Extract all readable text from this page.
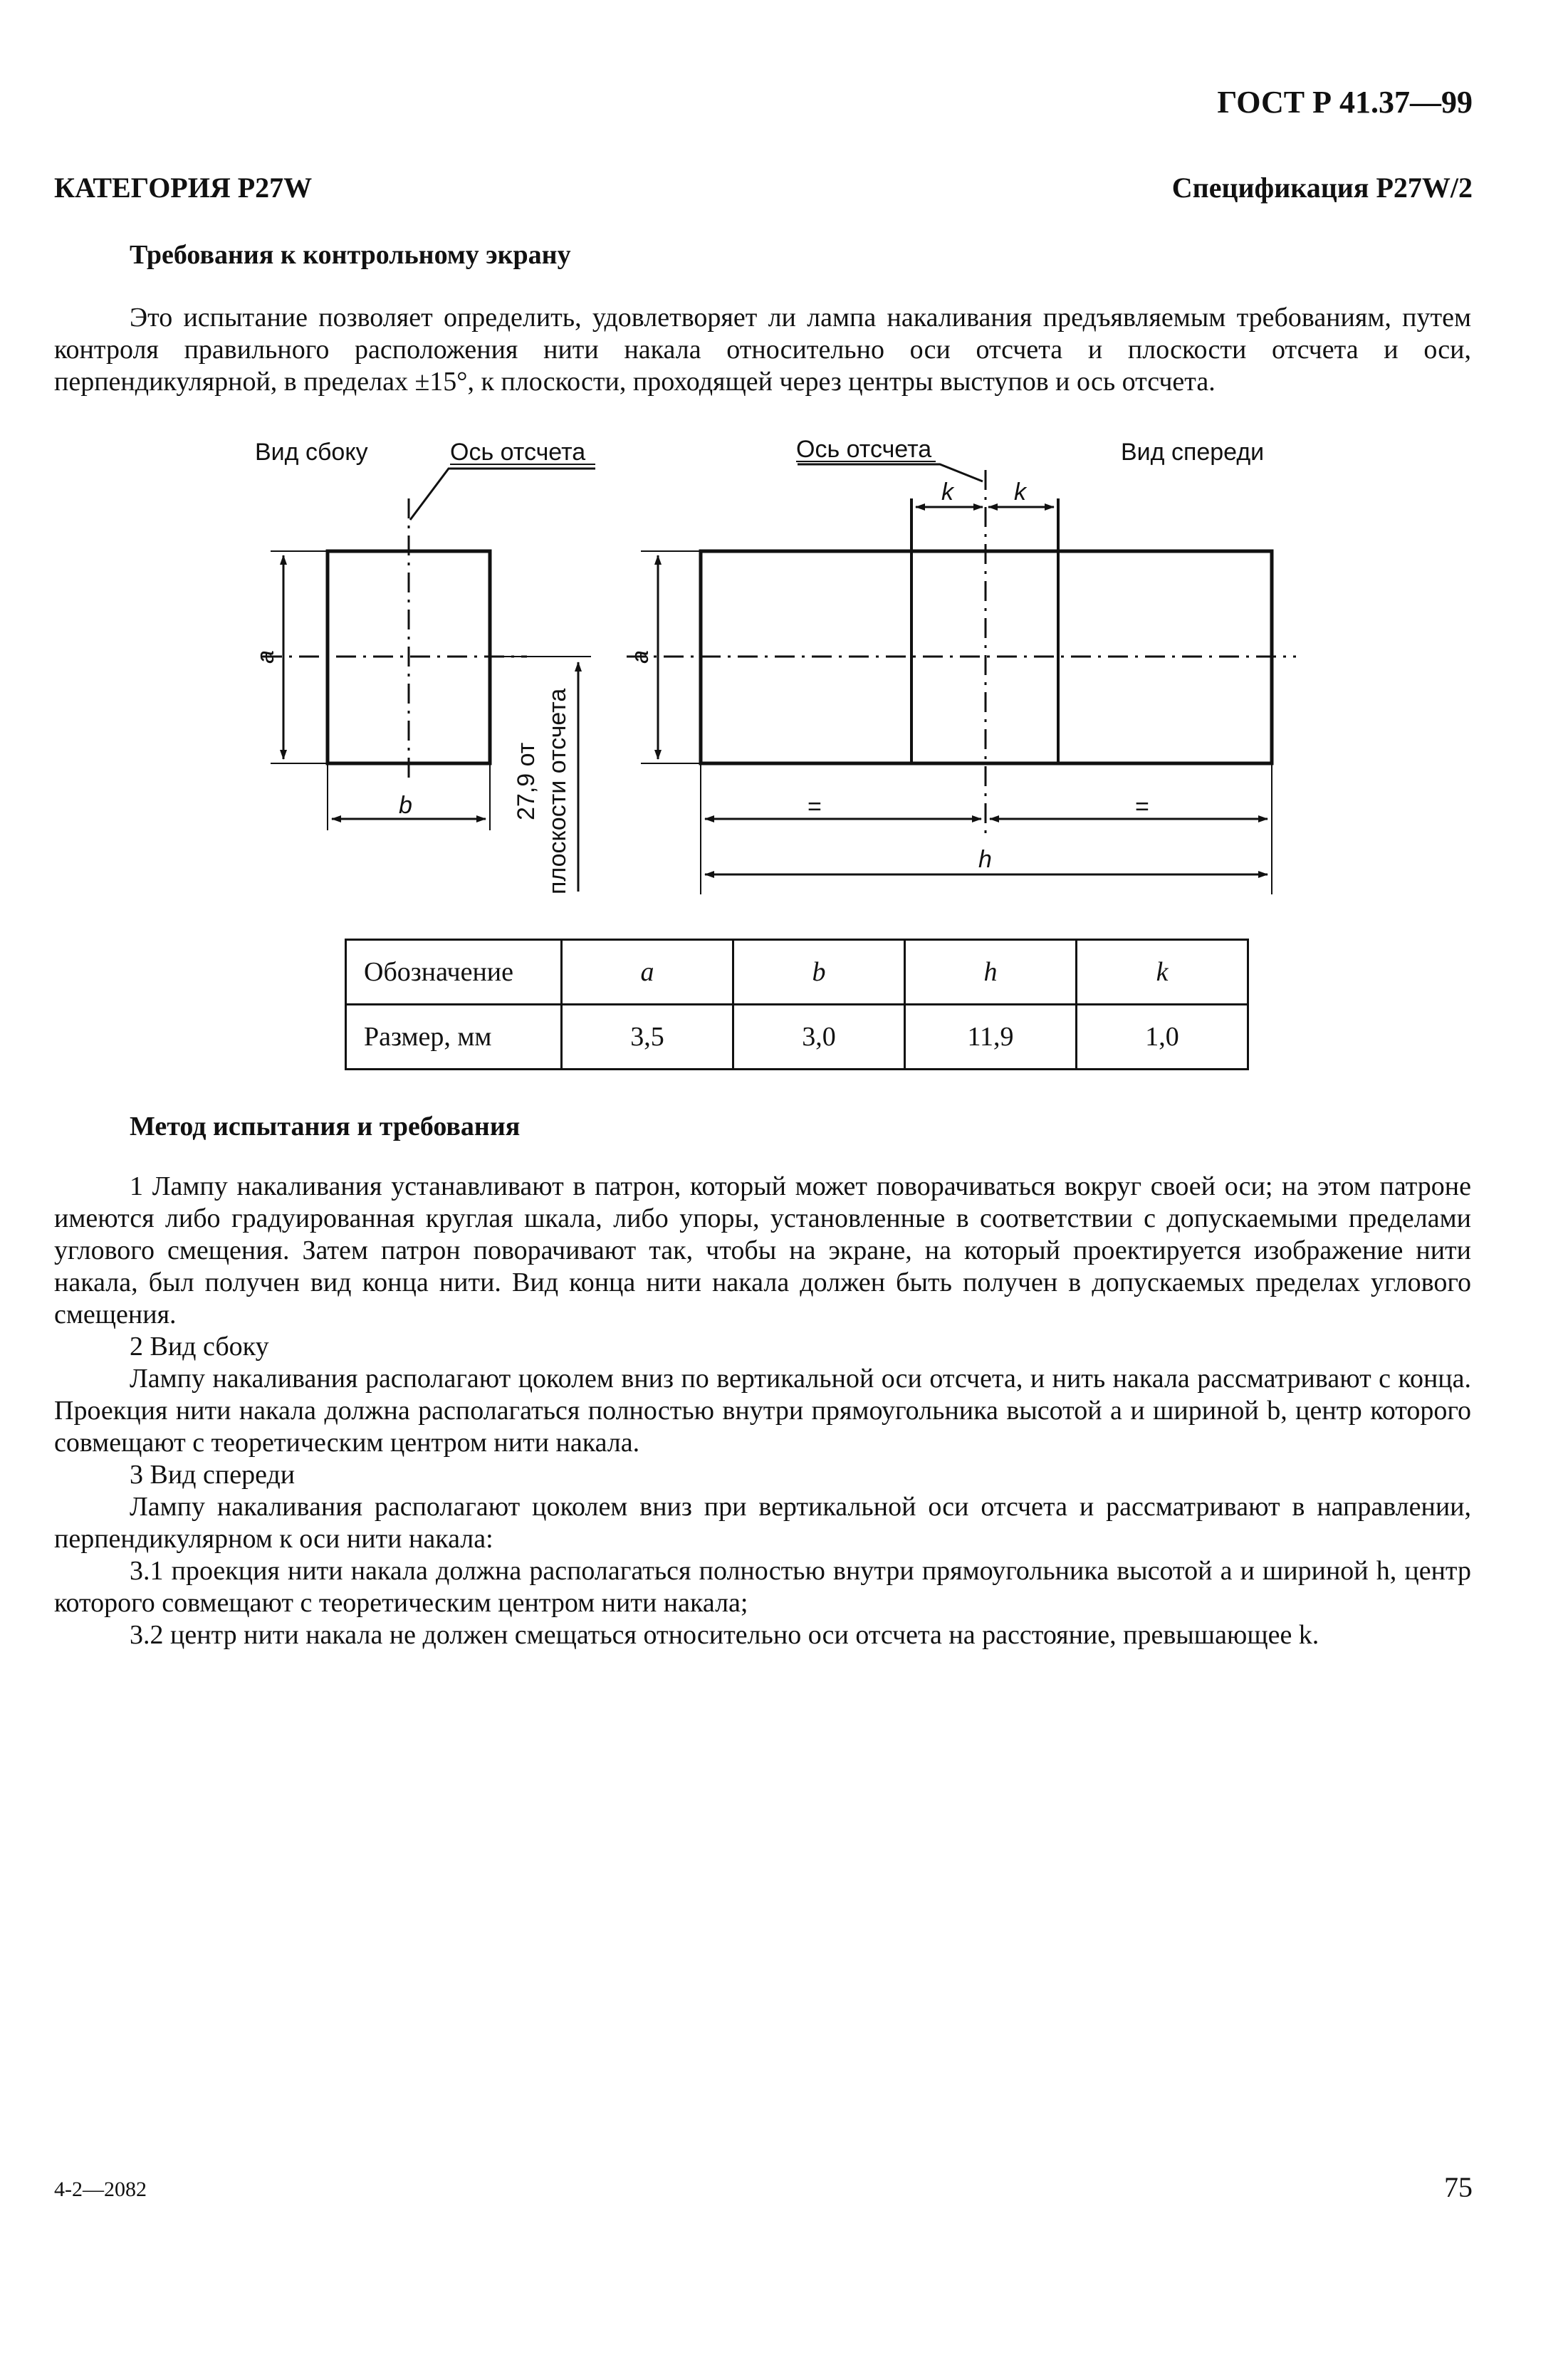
ГОСТ Р 41.37—99
КАТЕГОРИЯ P27W	Спецификация P27W/2
Требования к контрольному экрану

Это испытание позволяет определить, удовлетворяет ли лампа накаливания предъявляемым требованиям, путем контроля правильного расположения нити накала относительно оси отсчета и плоскости отсчета и оси, перпендикулярной, в пределах ±15°, к плоскости, проходящей через центры выступов и ось отсчета.

Вид сбоку	Ось отсчета	Ось отсчета	Вид спереди
k	k
a	a
b	27,9 от плоскости отсчета	=	=
h
Обозначение	a	b	h	k
Размер, мм	3,5	3,0	11,9	1,0
Метод испытания и требования

1 Лампу накаливания устанавливают в патрон, который может поворачиваться вокруг своей оси; на этом патроне имеются либо градуированная круглая шкала, либо упоры, установленные в соответствии с допускаемыми пределами углового смещения. Затем патрон поворачивают так, чтобы на экране, на который проектируется изображение нити накала, был получен вид конца нити. Вид конца нити накала должен быть получен в допускаемых пределах углового смещения.

2 Вид сбоку

Лампу накаливания располагают цоколем вниз по вертикальной оси отсчета, и нить накала рассматривают с конца. Проекция нити накала должна располагаться полностью внутри прямоугольника высотой a и шириной b, центр которого совмещают с теоретическим центром нити накала.

3 Вид спереди

Лампу накаливания располагают цоколем вниз при вертикальной оси отсчета и рассматривают в направлении, перпендикулярном к оси нити накала:

3.1 проекция нити накала должна располагаться полностью внутри прямоугольника высотой a и шириной h, центр которого совмещают с теоретическим центром нити накала;

3.2 центр нити накала не должен смещаться относительно оси отсчета на расстояние, превышающее k.

4-2—2082	75
